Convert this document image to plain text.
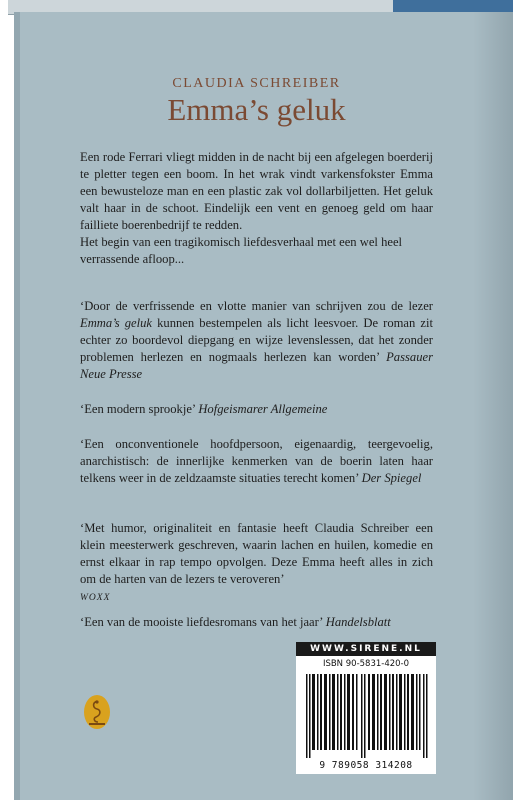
CLAUDIA SCHREIBER
Emma’s geluk

Een rode Ferrari vliegt midden in de nacht bij een afgelegen boerderij te pletter tegen een boom. In het wrak vindt varkensfokster Emma een bewusteloze man en een plastic zak vol dollarbiljetten. Het geluk valt haar in de schoot. Eindelijk een vent en genoeg geld om haar failliete boerenbedrijf te redden.

Het begin van een tragikomisch liefdesverhaal met een wel heel verrassende afloop...

‘Door de verfrissende en vlotte manier van schrijven zou de lezer Emma’s geluk kunnen bestempelen als licht leesvoer. De roman zit echter zo boordevol diepgang en wijze levenslessen, dat het zonder problemen herlezen en nogmaals herlezen kan worden’ Passauer Neue Presse

‘Een modern sprookje’ Hofgeismarer Allgemeine

‘Een onconventionele hoofdpersoon, eigenaardig, teergevoelig, anarchistisch: de innerlijke kenmerken van de boerin laten haar telkens weer in de zeldzaamste situaties terecht komen’ Der Spiegel

‘Met humor, originaliteit en fantasie heeft Claudia Schreiber een klein meesterwerk geschreven, waarin lachen en huilen, komedie en ernst elkaar in rap tempo opvolgen. Deze Emma heeft alles in zich om de harten van de lezers te veroveren’
WOXX

‘Een van de mooiste liefdesromans van het jaar’ Handelsblatt

WWW.SIRENE.NL
ISBN 90-5831-420-0
9 789058 314208
